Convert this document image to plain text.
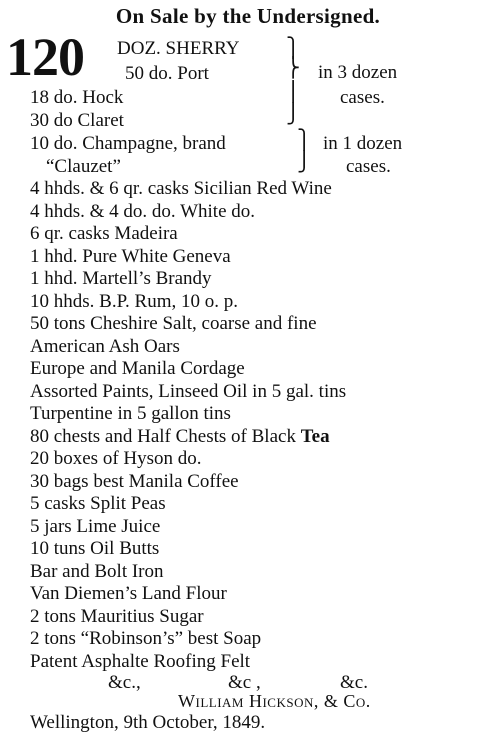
On Sale by the Undersigned.
120 DOZ. SHERRY
50 do. Port
18 do. Hock
30 do Claret
⎫
⎬
⎪
⎭
in 3 dozen
cases.
10 do. Champagne, brand
“Clauzet”
⎫
⎭
in 1 dozen
cases.
4 hhds. & 6 qr. casks Sicilian Red Wine
4 hhds. & 4 do. do. White do.
6 qr. casks Madeira
1 hhd. Pure White Geneva
1 hhd. Martell’s Brandy
10 hhds. B.P. Rum, 10 o. p.
50 tons Cheshire Salt, coarse and fine
American Ash Oars
Europe and Manila Cordage
Assorted Paints, Linseed Oil in 5 gal. tins
Turpentine in 5 gallon tins
80 chests and Half Chests of Black Tea
20 boxes of Hyson do.
30 bags best Manila Coffee
5 casks Split Peas
5 jars Lime Juice
10 tuns Oil Butts
Bar and Bolt Iron
Van Diemen’s Land Flour
2 tons Mauritius Sugar
2 tons “Robinson’s” best Soap
Patent Asphalte Roofing Felt
&c.,	&c ,	&c.
William Hickson, & Co.
Wellington, 9th October, 1849.
